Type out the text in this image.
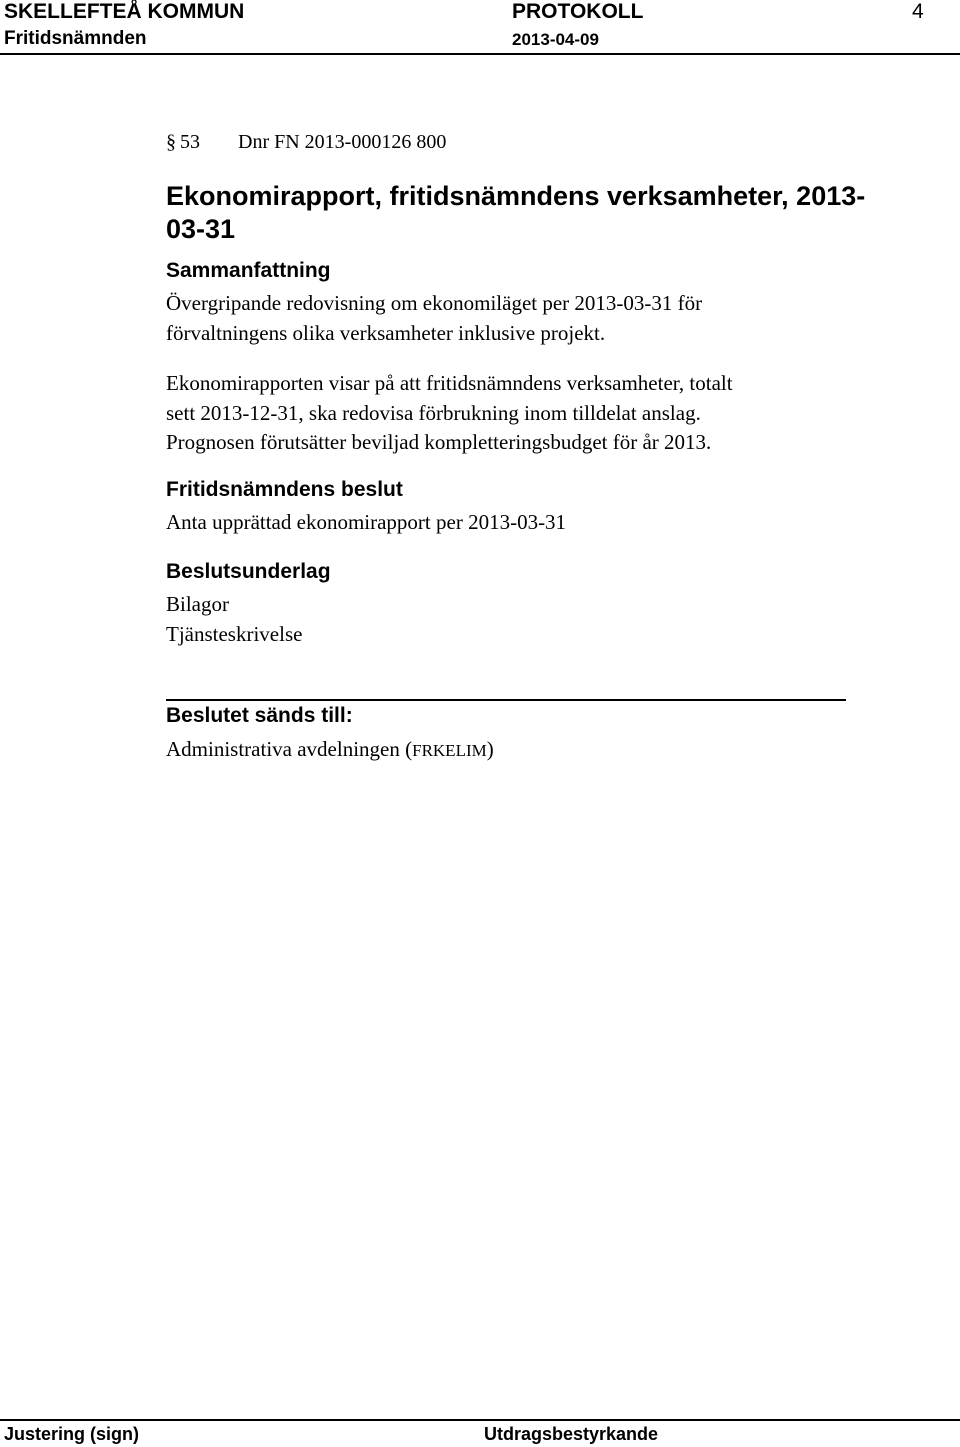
SKELLEFTEÅ KOMMUN	PROTOKOLL	4
Fritidsnämnden	2013-04-09
§ 53 Dnr FN 2013-000126 800
Ekonomirapport, fritidsnämndens verksamheter, 2013-03-31
Sammanfattning
Övergripande redovisning om ekonomiläget per 2013-03-31 för
förvaltningens olika verksamheter inklusive projekt.
Ekonomirapporten visar på att fritidsnämndens verksamheter, totalt
sett 2013-12-31, ska redovisa förbrukning inom tilldelat anslag.
Prognosen förutsätter beviljad kompletteringsbudget för år 2013.
Fritidsnämndens beslut
Anta upprättad ekonomirapport per 2013-03-31
Beslutsunderlag
Bilagor
Tjänsteskrivelse
Beslutet sänds till:
Administrativa avdelningen (FRKELIM)
Justering (sign)	Utdragsbestyrkande
